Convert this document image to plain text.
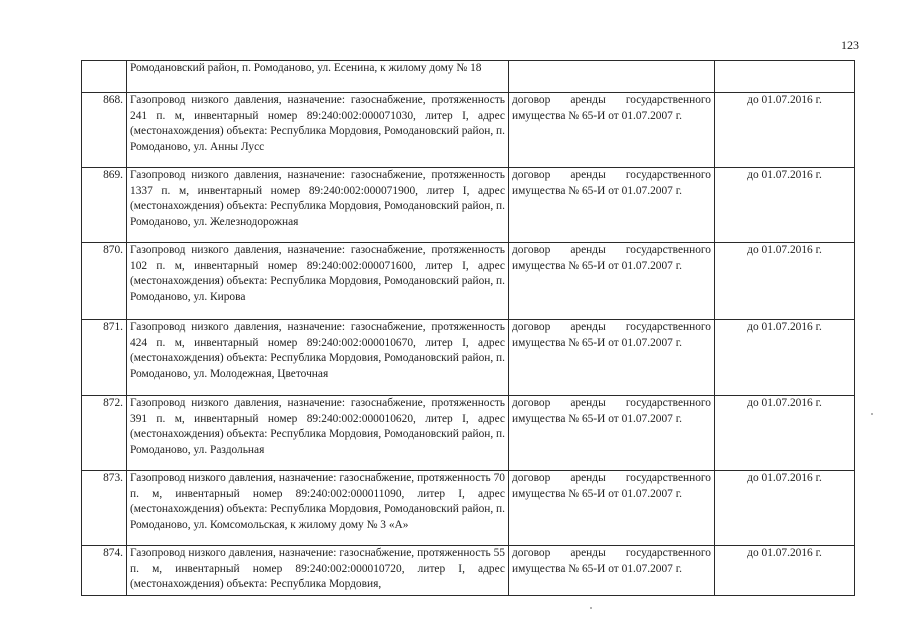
123
	Ромодановский район, п. Ромоданово, ул. Есенина, к жилому дому № 18		
868.	Газопровод низкого давления, назначение: газоснабжение, протяженность 241 п. м, инвентарный номер 89:240:002:000071030, литер I, адрес (местонахождения) объекта: Республика Мордовия, Ромодановский район, п. Ромоданово, ул. Анны Лусс	договор аренды государственного имущества № 65-И от 01.07.2007 г.	до 01.07.2016 г.
869.	Газопровод низкого давления, назначение: газоснабжение, протяженность 1337 п. м, инвентарный номер 89:240:002:000071900, литер I, адрес (местонахождения) объекта: Республика Мордовия, Ромодановский район, п. Ромоданово, ул. Железнодорожная	договор аренды государственного имущества № 65-И от 01.07.2007 г.	до 01.07.2016 г.
870.	Газопровод низкого давления, назначение: газоснабжение, протяженность 102 п. м, инвентарный номер 89:240:002:000071600, литер I, адрес (местонахождения) объекта: Республика Мордовия, Ромодановский район, п. Ромоданово, ул. Кирова	договор аренды государственного имущества № 65-И от 01.07.2007 г.	до 01.07.2016 г.
871.	Газопровод низкого давления, назначение: газоснабжение, протяженность 424 п. м, инвентарный номер 89:240:002:000010670, литер I, адрес (местонахождения) объекта: Республика Мордовия, Ромодановский район, п. Ромоданово, ул. Молодежная, Цветочная	договор аренды государственного имущества № 65-И от 01.07.2007 г.	до 01.07.2016 г.
872.	Газопровод низкого давления, назначение: газоснабжение, протяженность 391 п. м, инвентарный номер 89:240:002:000010620, литер I, адрес (местонахождения) объекта: Республика Мордовия, Ромодановский район, п. Ромоданово, ул. Раздольная	договор аренды государственного имущества № 65-И от 01.07.2007 г.	до 01.07.2016 г.
873.	Газопровод низкого давления, назначение: газоснабжение, протяженность 70 п. м, инвентарный номер 89:240:002:000011090, литер I, адрес (местонахождения) объекта: Республика Мордовия, Ромодановский район, п. Ромоданово, ул. Комсомольская, к жилому дому № 3 «А»	договор аренды государственного имущества № 65-И от 01.07.2007 г.	до 01.07.2016 г.
874.	Газопровод низкого давления, назначение: газоснабжение, протяженность 55 п. м, инвентарный номер 89:240:002:000010720, литер I, адрес (местонахождения) объекта: Республика Мордовия,	договор аренды государственного имущества № 65-И от 01.07.2007 г.	до 01.07.2016 г.
